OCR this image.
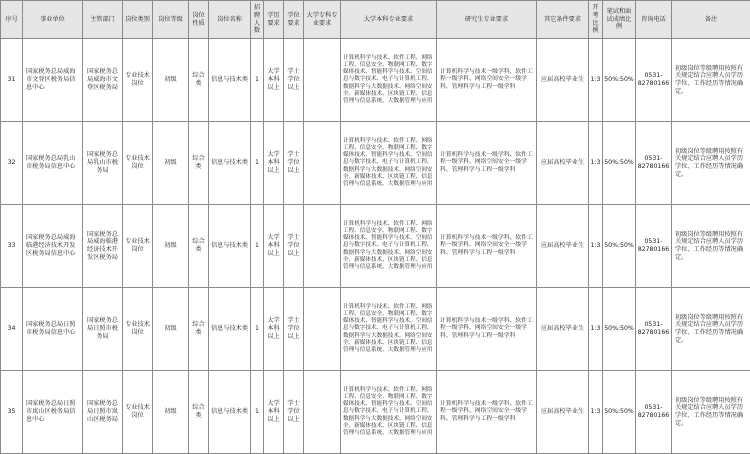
序号	事业单位	主管部门	岗位类别	岗位等级	岗位性质	岗位名称	招聘人数	学历要求	学位要求	大学专科专业要求	大学本科专业要求	研究生专业要求	其它条件要求	开考比例	笔试和面试成绩比例	咨询电话	备注
31	国家税务总局威海市文登区税务局信息中心	国家税务总局威海市文登区税务局	专业技术岗位	初级	综合类	信息与技术类	1	大学本科以上	学士学位以上		计算机科学与技术、软件工程、网络工程、信息安全、物联网工程、数字媒体技术、智能科学与技术、空间信息与数字技术、电子与计算机工程、数据科学与大数据技术、网络空间安全、新媒体技术、区块链工程、信息管理与信息系统、大数据管理与应用	计算机科学与技术一级学科、软件工程一级学科、网络空间安全一级学科、管理科学与工程一级学科	应届高校毕业生	1:3	50%:50%	0531-82780166	初级岗位等级聘用按照有关规定结合应聘人员学历学位、工作经历等情况确定。
32	国家税务总局乳山市税务局信息中心	国家税务总局乳山市税务局	专业技术岗位	初级	综合类	信息与技术类	1	大学本科以上	学士学位以上		计算机科学与技术、软件工程、网络工程、信息安全、物联网工程、数字媒体技术、智能科学与技术、空间信息与数字技术、电子与计算机工程、数据科学与大数据技术、网络空间安全、新媒体技术、区块链工程、信息管理与信息系统、大数据管理与应用	计算机科学与技术一级学科、软件工程一级学科、网络空间安全一级学科、管理科学与工程一级学科	应届高校毕业生	1:3	50%:50%	0531-82780166	初级岗位等级聘用按照有关规定结合应聘人员学历学位、工作经历等情况确定。
33	国家税务总局威海临港经济技术开发区税务局信息中心	国家税务总局威海临港经济技术开发区税务局	专业技术岗位	初级	综合类	信息与技术类	1	大学本科以上	学士学位以上		计算机科学与技术、软件工程、网络工程、信息安全、物联网工程、数字媒体技术、智能科学与技术、空间信息与数字技术、电子与计算机工程、数据科学与大数据技术、网络空间安全、新媒体技术、区块链工程、信息管理与信息系统、大数据管理与应用	计算机科学与技术一级学科、软件工程一级学科、网络空间安全一级学科、管理科学与工程一级学科	应届高校毕业生	1:3	50%:50%	0531-82780166	初级岗位等级聘用按照有关规定结合应聘人员学历学位、工作经历等情况确定。
34	国家税务总局日照市税务局信息中心	国家税务总局日照市税务局	专业技术岗位	初级	综合类	信息与技术类	1	大学本科以上	学士学位以上		计算机科学与技术、软件工程、网络工程、信息安全、物联网工程、数字媒体技术、智能科学与技术、空间信息与数字技术、电子与计算机工程、数据科学与大数据技术、网络空间安全、新媒体技术、区块链工程、信息管理与信息系统、大数据管理与应用	计算机科学与技术一级学科、软件工程一级学科、网络空间安全一级学科、管理科学与工程一级学科	应届高校毕业生	1:3	50%:50%	0531-82780166	初级岗位等级聘用按照有关规定结合应聘人员学历学位、工作经历等情况确定。
35	国家税务总局日照市岚山区税务局信息中心	国家税务总局日照市岚山区税务局	专业技术岗位	初级	综合类	信息与技术类	1	大学本科以上	学士学位以上		计算机科学与技术、软件工程、网络工程、信息安全、物联网工程、数字媒体技术、智能科学与技术、空间信息与数字技术、电子与计算机工程、数据科学与大数据技术、网络空间安全、新媒体技术、区块链工程、信息管理与信息系统、大数据管理与应用	计算机科学与技术一级学科、软件工程一级学科、网络空间安全一级学科、管理科学与工程一级学科	应届高校毕业生	1:3	50%:50%	0531-82780166	初级岗位等级聘用按照有关规定结合应聘人员学历学位、工作经历等情况确定。
